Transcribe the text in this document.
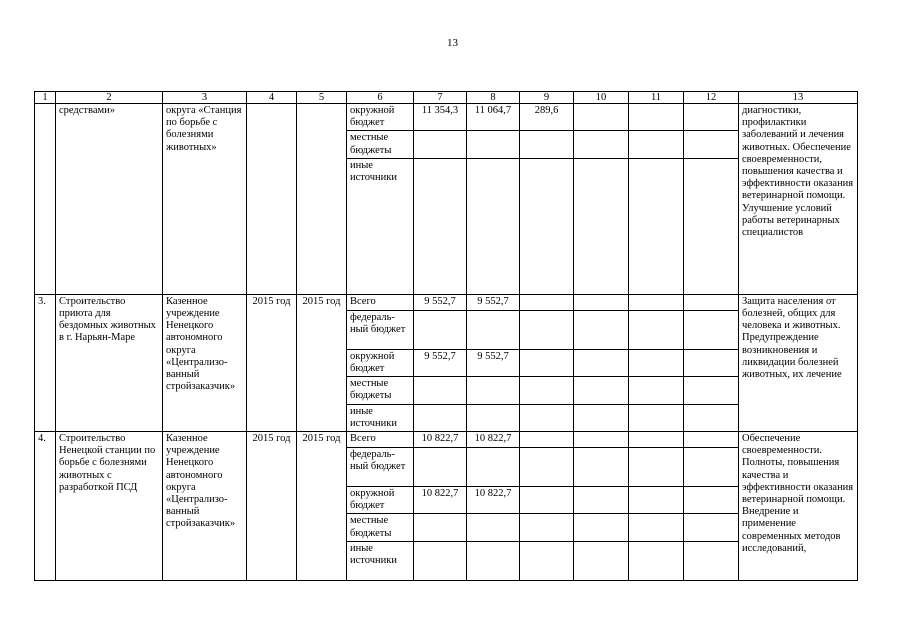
13
1	2	3	4	5	6	7	8	9	10	11	12	13
	средствами»	округа «Станция по борьбе с болезнями животных»			окружной бюджет	11 354,3	11 064,7	289,6				диагностики, профилактики заболеваний и лечения животных. Обеспечение своевременности, повышения качества и эффективности оказания ветеринарной помощи. Улучшение условий работы ветеринарных специалистов
					местные бюджеты							
					иные источники							
3.	Строительство приюта для бездомных животных в г. Нарьян-Маре	Казенное учреждение Ненецкого автономного округа «Централизо-ванный стройзаказчик»	2015 год	2015 год	Всего	9 552,7	9 552,7					Защита населения от болезней, общих для человека и животных. Предупреждение возникновения и ликвидации болезней животных, их лечение
					федераль-ный бюджет							
					окружной бюджет	9 552,7	9 552,7					
					местные бюджеты							
					иные источники							
4.	Строительство Ненецкой станции по борьбе с болезнями животных с разработкой ПСД	Казенное учреждение Ненецкого автономного округа «Централизо-ванный стройзаказчик»	2015 год	2015 год	Всего	10 822,7	10 822,7					Обеспечение своевременности. Полноты, повышения качества и эффективности оказания ветеринарной помощи. Внедрение и применение современных методов исследований,
					федераль-ный бюджет							
					окружной бюджет	10 822,7	10 822,7					
					местные бюджеты							
					иные источники							
